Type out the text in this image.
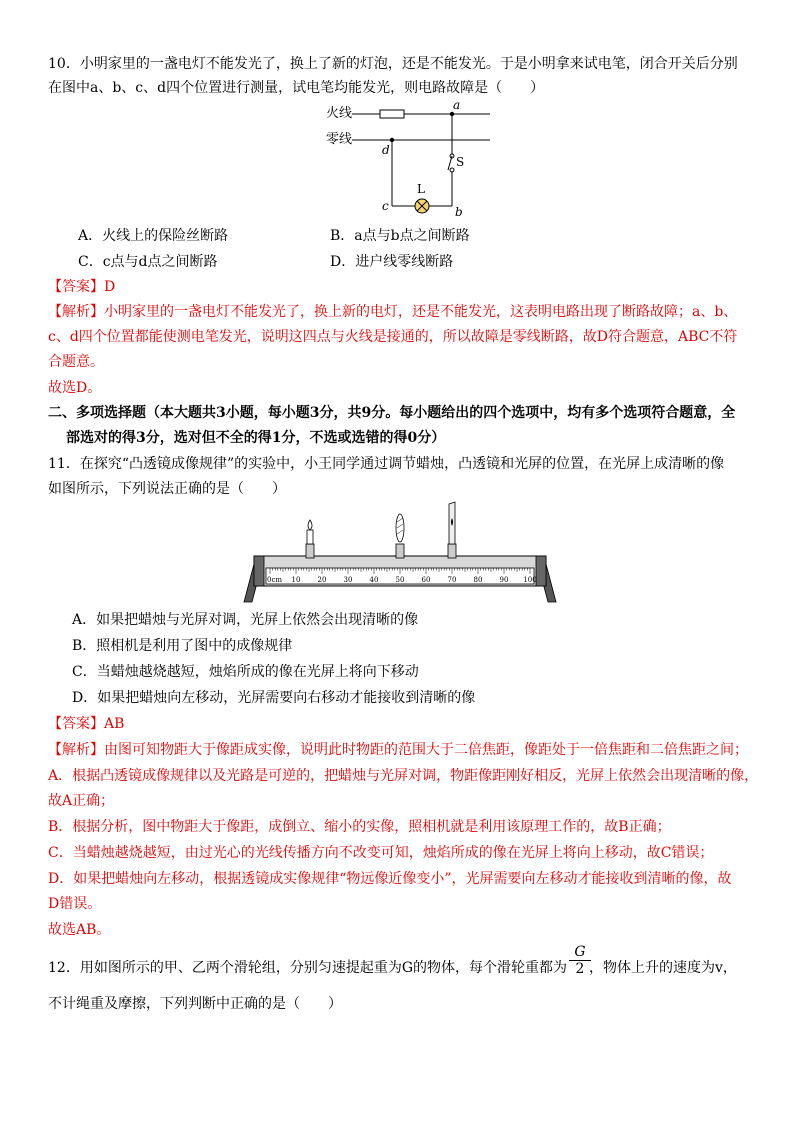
10．小明家里的一盏电灯不能发光了，换上了新的灯泡，还是不能发光。于是小明拿来试电笔，闭合开关后分别
在图中a、b、c、d四个位置进行测量，试电笔均能发光，则电路故障是（　　）
火线
零线
a
S
L
b
d
c
A．火线上的保险丝断路	B．a点与b点之间断路
C．c点与d点之间断路	D．进户线零线断路
【答案】D
【解析】小明家里的一盏电灯不能发光了，换上新的电灯，还是不能发光，这表明电路出现了断路故障；a、b、
c、d四个位置都能使测电笔发光，说明这四点与火线是接通的，所以故障是零线断路，故D符合题意，ABC不符
合题意。
故选D。
二、多项选择题（本大题共3小题，每小题3分，共9分。每小题给出的四个选项中，均有多个选项符合题意，全
部选对的得3分，选对但不全的得1分，不选或选错的得0分）
11．在探究“凸透镜成像规律”的实验中，小王同学通过调节蜡烛，凸透镜和光屏的位置，在光屏上成清晰的像
如图所示，下列说法正确的是（　　）
0cm 10 20 30 40 50 60 70 80 90 100
A．如果把蜡烛与光屏对调，光屏上依然会出现清晰的像
B．照相机是利用了图中的成像规律
C．当蜡烛越烧越短，烛焰所成的像在光屏上将向下移动
D．如果把蜡烛向左移动，光屏需要向右移动才能接收到清晰的像
【答案】AB
【解析】由图可知物距大于像距成实像，说明此时物距的范围大于二倍焦距，像距处于一倍焦距和二倍焦距之间；
A．根据凸透镜成像规律以及光路是可逆的，把蜡烛与光屏对调，物距像距刚好相反，光屏上依然会出现清晰的像，
故A正确；
B．根据分析，图中物距大于像距，成倒立、缩小的实像，照相机就是利用该原理工作的，故B正确；
C．当蜡烛越烧越短，由过光心的光线传播方向不改变可知，烛焰所成的像在光屏上将向上移动，故C错误；
D．如果把蜡烛向左移动，根据透镜成实像规律“物远像近像变小”，光屏需要向左移动才能接收到清晰的像，故
D错误。
故选AB。
12．用如图所示的甲、乙两个滑轮组，分别匀速提起重为G的物体，每个滑轮重都为 ，物体上升的速度为v，
$\frac{G}{2}$
不计绳重及摩擦，下列判断中正确的是（　　）
